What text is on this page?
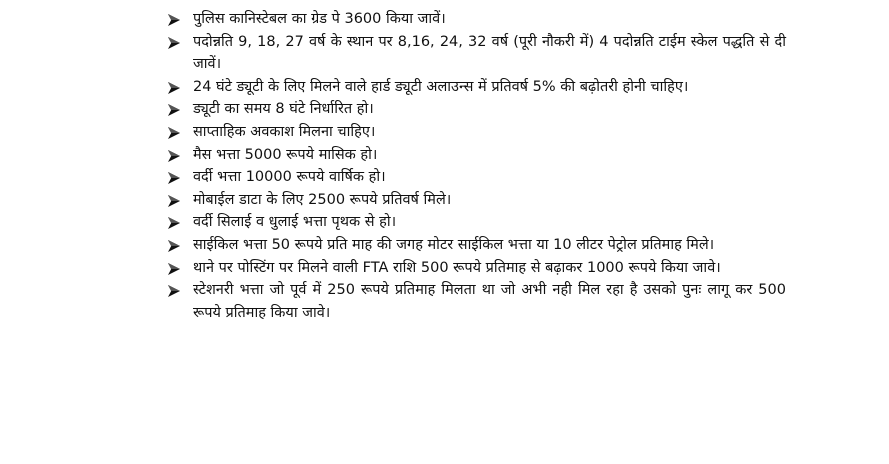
पुलिस कानिस्टेबल का ग्रेड पे 3600 किया जावें।
पदोन्नति 9, 18, 27 वर्ष के स्थान पर 8,16, 24, 32 वर्ष (पूरी नौकरी में) 4 पदोन्नति टाईम स्केल पद्धति से दी जावें।
24 घंटे ड्यूटी के लिए मिलने वाले हार्ड ड्यूटी अलाउन्स में प्रतिवर्ष 5% की बढ़ोतरी होनी चाहिए।
ड्यूटी का समय 8 घंटे निर्धारित हो।
साप्ताहिक अवकाश मिलना चाहिए।
मैस भत्ता 5000 रूपये मासिक हो।
वर्दी भत्ता 10000 रूपये वार्षिक हो।
मोबाईल डाटा के लिए 2500 रूपये प्रतिवर्ष मिले।
वर्दी सिलाई व धुलाई भत्ता पृथक से हो।
साईकिल भत्ता 50 रूपये प्रति माह की जगह मोटर साईकिल भत्ता या 10 लीटर पेट्रोल प्रतिमाह मिले।
थाने पर पोस्टिंग पर मिलने वाली FTA राशि 500 रूपये प्रतिमाह से बढ़ाकर 1000 रूपये किया जावे।
स्टेशनरी भत्ता जो पूर्व में 250 रूपये प्रतिमाह मिलता था जो अभी नही मिल रहा है उसको पुनः लागू कर 500 रूपये प्रतिमाह किया जावे।
